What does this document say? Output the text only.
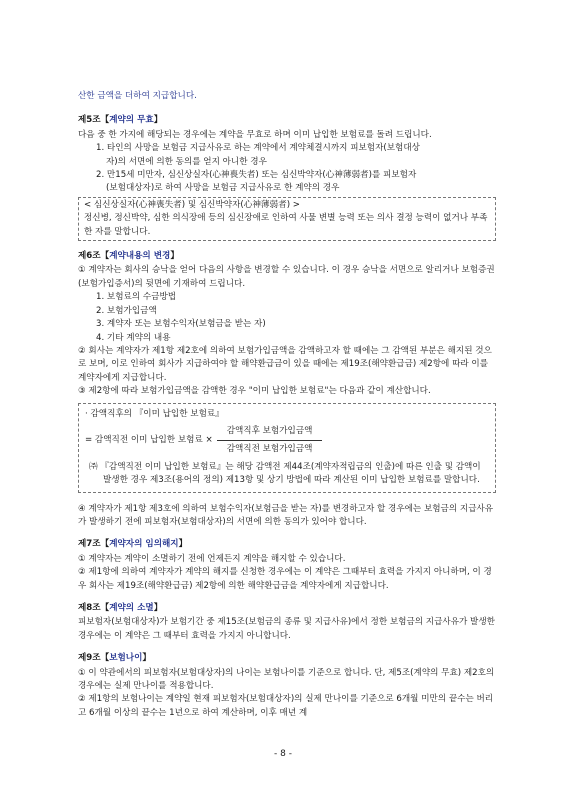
산한 금액을 더하여 지급합니다.

제5조【계약의 무효】

다음 중 한 가지에 해당되는 경우에는 계약을 무효로 하며 이미 납입한 보험료를 돌려 드립니다.

1. 타인의 사망을 보험금 지급사유로 하는 계약에서 계약체결시까지 피보험자(보험대상

자)의 서면에 의한 동의를 얻지 아니한 경우

2. 만15세 미만자, 심신상실자(心神喪失者) 또는 심신박약자(心神薄弱者)를 피보험자

(보험대상자)로 하여 사망을 보험금 지급사유로 한 계약의 경우

< 심신상실자(心神喪失者) 및 심신박약자(心神薄弱者) >

정신병, 정신박약, 심한 의식장애 등의 심신장애로 인하여 사물 변별 능력 또는 의사 결정 능력이 없거나 부족한 자를 말합니다.

제6조【계약내용의 변경】

① 계약자는 회사의 승낙을 얻어 다음의 사항을 변경할 수 있습니다. 이 경우 승낙을 서면으로 알리거나 보험증권(보험가입증서)의 뒷면에 기재하여 드립니다.

1. 보험료의 수금방법

2. 보험가입금액

3. 계약자 또는 보험수익자(보험금을 받는 자)

4. 기타 계약의 내용

② 회사는 계약자가 제1항 제2호에 의하여 보험가입금액을 감액하고자 할 때에는 그 감액된 부분은 해지된 것으로 보며, 이로 인하여 회사가 지급하여야 할 해약환급금이 있을 때에는 제19조(해약환급금) 제2항에 따라 이를 계약자에게 지급합니다.

③ 제2항에 따라 보험가입금액을 감액한 경우 "이미 납입한 보험료"는 다음과 같이 계산합니다.

· 감액직후의 『이미 납입한 보험료』

= 감액직전 이미 납입한 보험료 × $\frac{\text{감액직후 보험가입금액}}{\text{감액직전 보험가입금액}}$

㈜ 『감액직전 이미 납입한 보험료』는 해당 감액전 제44조(계약자적립금의 인출)에 따른 인출 및 감액이 발생한 경우 제3조(용어의 정의) 제13항 및 상기 방법에 따라 계산된 이미 납입한 보험료를 말합니다.

④ 계약자가 제1항 제3호에 의하여 보험수익자(보험금을 받는 자)를 변경하고자 할 경우에는 보험금의 지급사유가 발생하기 전에 피보험자(보험대상자)의 서면에 의한 동의가 있어야 합니다.

제7조【계약자의 임의해지】

① 계약자는 계약이 소멸하기 전에 언제든지 계약을 해지할 수 있습니다.

② 제1항에 의하여 계약자가 계약의 해지를 신청한 경우에는 이 계약은 그때부터 효력을 가지지 아니하며, 이 경우 회사는 제19조(해약환급금) 제2항에 의한 해약환급금을 계약자에게 지급합니다.

제8조【계약의 소멸】

피보험자(보험대상자)가 보험기간 중 제15조(보험금의 종류 및 지급사유)에서 정한 보험금의 지급사유가 발생한 경우에는 이 계약은 그 때부터 효력을 가지지 아니합니다.

제9조【보험나이】

① 이 약관에서의 피보험자(보험대상자)의 나이는 보험나이를 기준으로 합니다. 단, 제5조(계약의 무효) 제2호의 경우에는 실제 만나이를 적용합니다.

② 제1항의 보험나이는 계약일 현재 피보험자(보험대상자)의 실제 만나이를 기준으로 6개월 미만의 끝수는 버리고 6개월 이상의 끝수는 1년으로 하여 계산하며, 이후 매년 계

- 8 -
